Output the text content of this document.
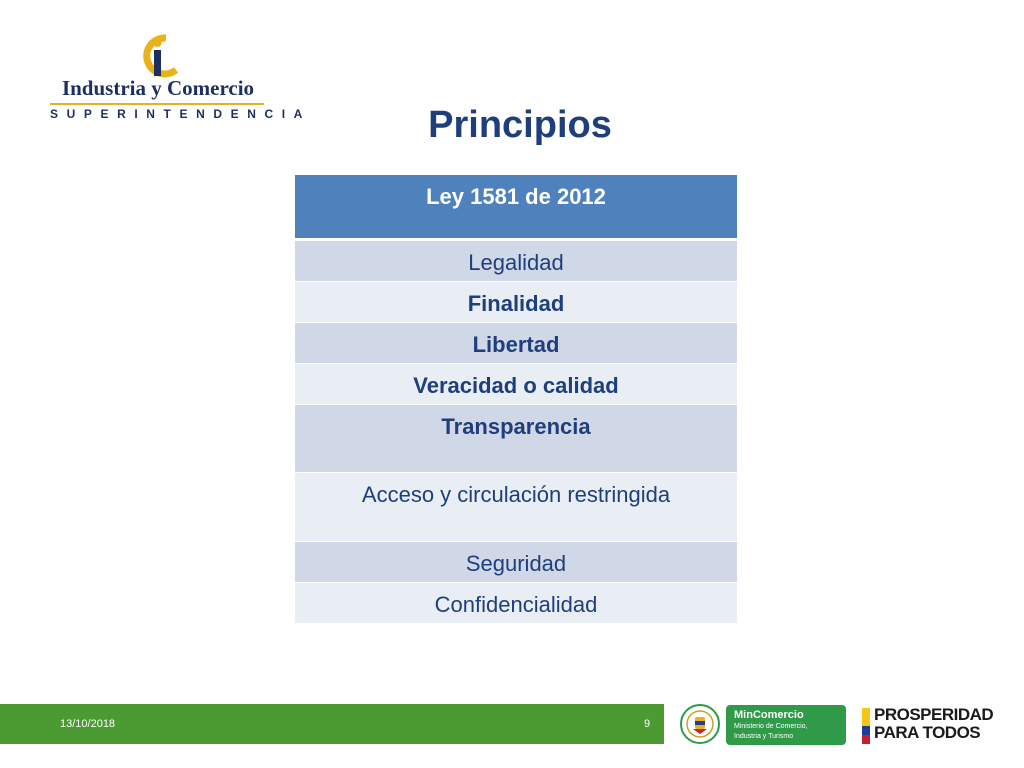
Industria y Comercio
SUPERINTENDENCIA	Principios
Ley 1581 de 2012
Legalidad
Finalidad
Libertad
Veracidad o calidad
Transparencia
Acceso y circulación restringida
Seguridad
Confidencialidad
13/10/2018	9
MinComercio
Ministerio de Comercio,
Industria y Turismo
PROSPERIDAD
PARA TODOS
